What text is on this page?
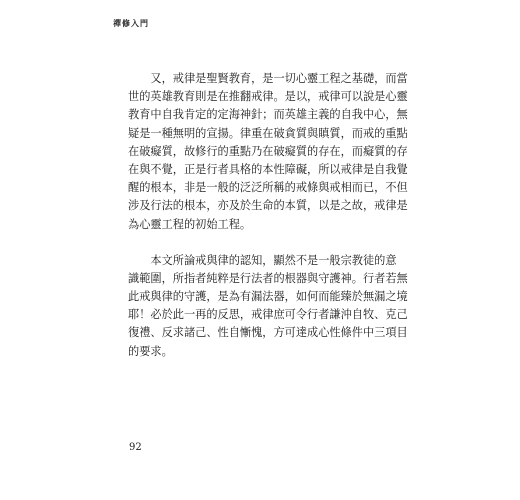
禪修入門
　　又，戒律是聖賢教育，是一切心靈工程之基礎，而當
世的英雄教育則是在推翻戒律。是以，戒律可以說是心靈
教育中自我肯定的定海神針；而英雄主義的自我中心，無
疑是一種無明的宣揚。律重在破貪質與瞋質，而戒的重點
在破癡質，故修行的重點乃在破癡質的存在，而癡質的存
在與不覺，正是行者具格的本性障礙，所以戒律是自我覺
醒的根本，非是一般的泛泛所稱的戒條與戒相而已，不但
涉及行法的根本，亦及於生命的本質，以是之故，戒律是
為心靈工程的初始工程。
　　本文所論戒與律的認知，顯然不是一般宗教徒的意
識範圍，所指者純粹是行法者的根器與守護神。行者若無
此戒與律的守護，是為有漏法器，如何而能臻於無漏之境
耶！必於此一再的反思，戒律庶可令行者謙沖自牧、克己
復禮、反求諸己、性自慚愧，方可達成心性條件中三項目
的要求。
92
